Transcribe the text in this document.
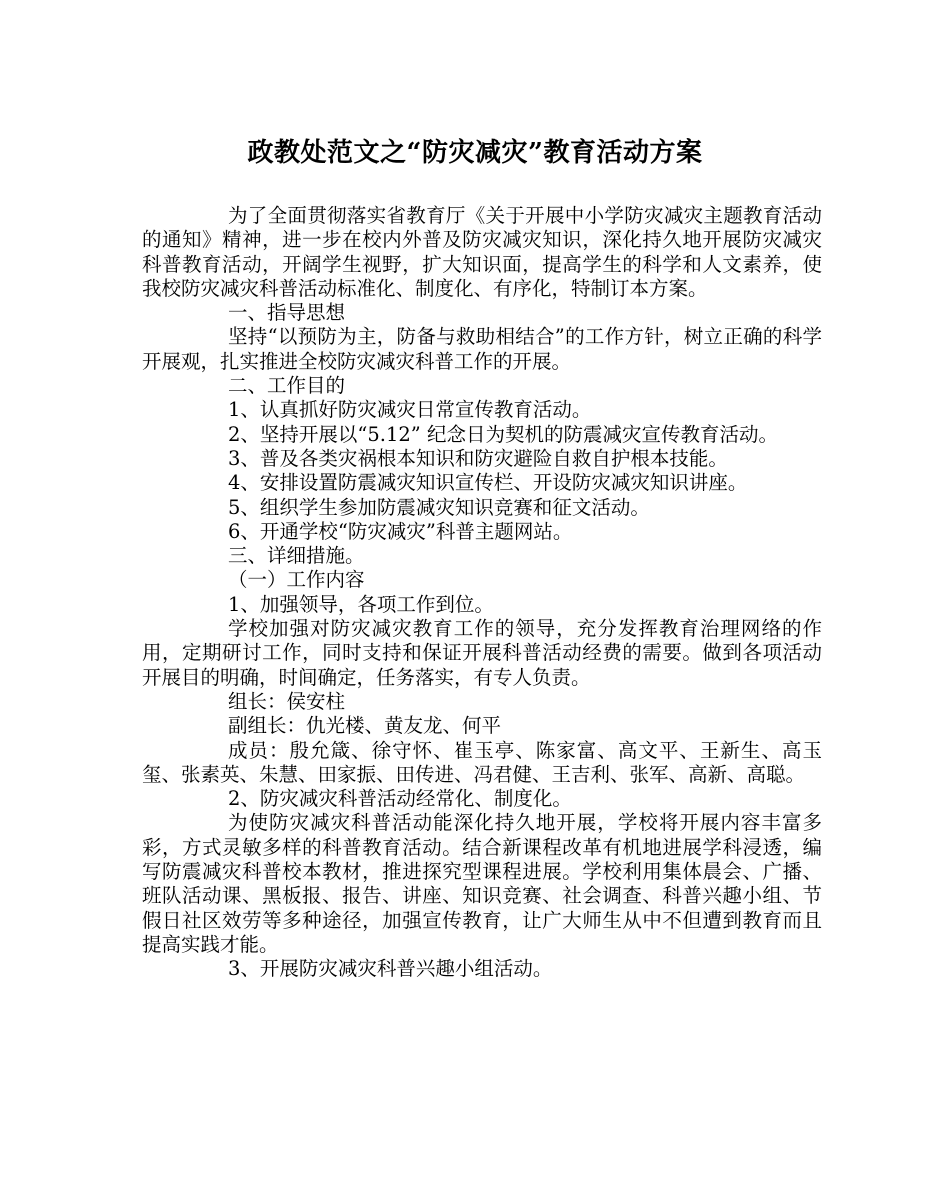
政教处范文之“防灾减灾”教育活动方案

为了全面贯彻落实省教育厅《关于开展中小学防灾减灾主题教育活动的通知》精神，进一步在校内外普及防灾减灾知识，深化持久地开展防灾减灾科普教育活动，开阔学生视野，扩大知识面，提高学生的科学和人文素养，使我校防灾减灾科普活动标准化、制度化、有序化，特制订本方案。

一、指导思想

坚持“以预防为主，防备与救助相结合”的工作方针，树立正确的科学开展观，扎实推进全校防灾减灾科普工作的开展。

二、工作目的

1、认真抓好防灾减灾日常宣传教育活动。

2、坚持开展以“5.12” 纪念日为契机的防震减灾宣传教育活动。

3、普及各类灾祸根本知识和防灾避险自救自护根本技能。

4、安排设置防震减灾知识宣传栏、开设防灾减灾知识讲座。

5、组织学生参加防震减灾知识竞赛和征文活动。

6、开通学校“防灾减灾”科普主题网站。

三、详细措施。

（一）工作内容

1、加强领导，各项工作到位。

学校加强对防灾减灾教育工作的领导，充分发挥教育治理网络的作用，定期研讨工作，同时支持和保证开展科普活动经费的需要。做到各项活动开展目的明确，时间确定，任务落实，有专人负责。

组长：侯安柱

副组长：仇光楼、黄友龙、何平

成员：殷允箴、徐守怀、崔玉亭、陈家富、高文平、王新生、高玉玺、张素英、朱慧、田家振、田传进、冯君健、王吉利、张军、高新、高聪。

2、防灾减灾科普活动经常化、制度化。

为使防灾减灾科普活动能深化持久地开展，学校将开展内容丰富多彩，方式灵敏多样的科普教育活动。结合新课程改革有机地进展学科浸透，编写防震减灾科普校本教材，推进探究型课程进展。学校利用集体晨会、广播、班队活动课、黑板报、报告、讲座、知识竞赛、社会调查、科普兴趣小组、节假日社区效劳等多种途径，加强宣传教育，让广大师生从中不但遭到教育而且提高实践才能。

3、开展防灾减灾科普兴趣小组活动。
